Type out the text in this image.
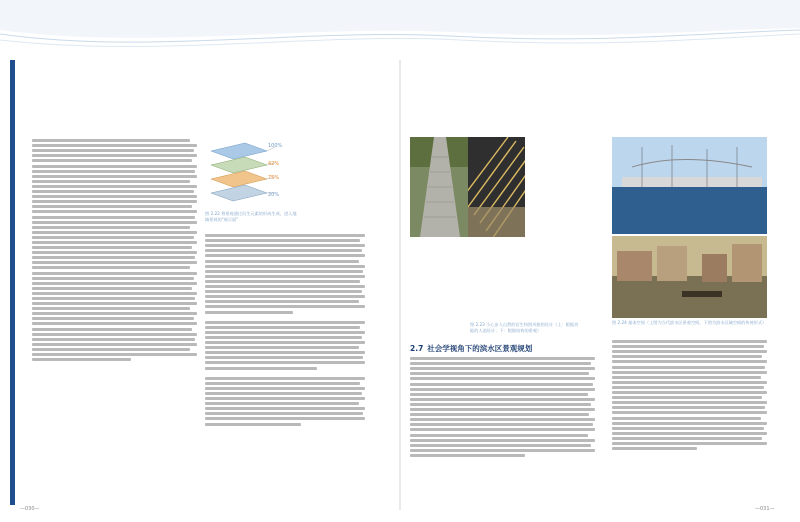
100%
42%
75%
20%
图 2.22 将景观通过衍生元素的形成生成，进入地域景观的"展示面"
图 2.23 小心步人自然的衍生构图风格的设计（上：根据功能的人造设计；下：根据结构的景观）
图 2.24 基本空间（上图为当代滨水区景观空间，下图为滨水区域空间的传统形式）
2.7 社会学视角下的滨水区景观规划
—030—	—031—
